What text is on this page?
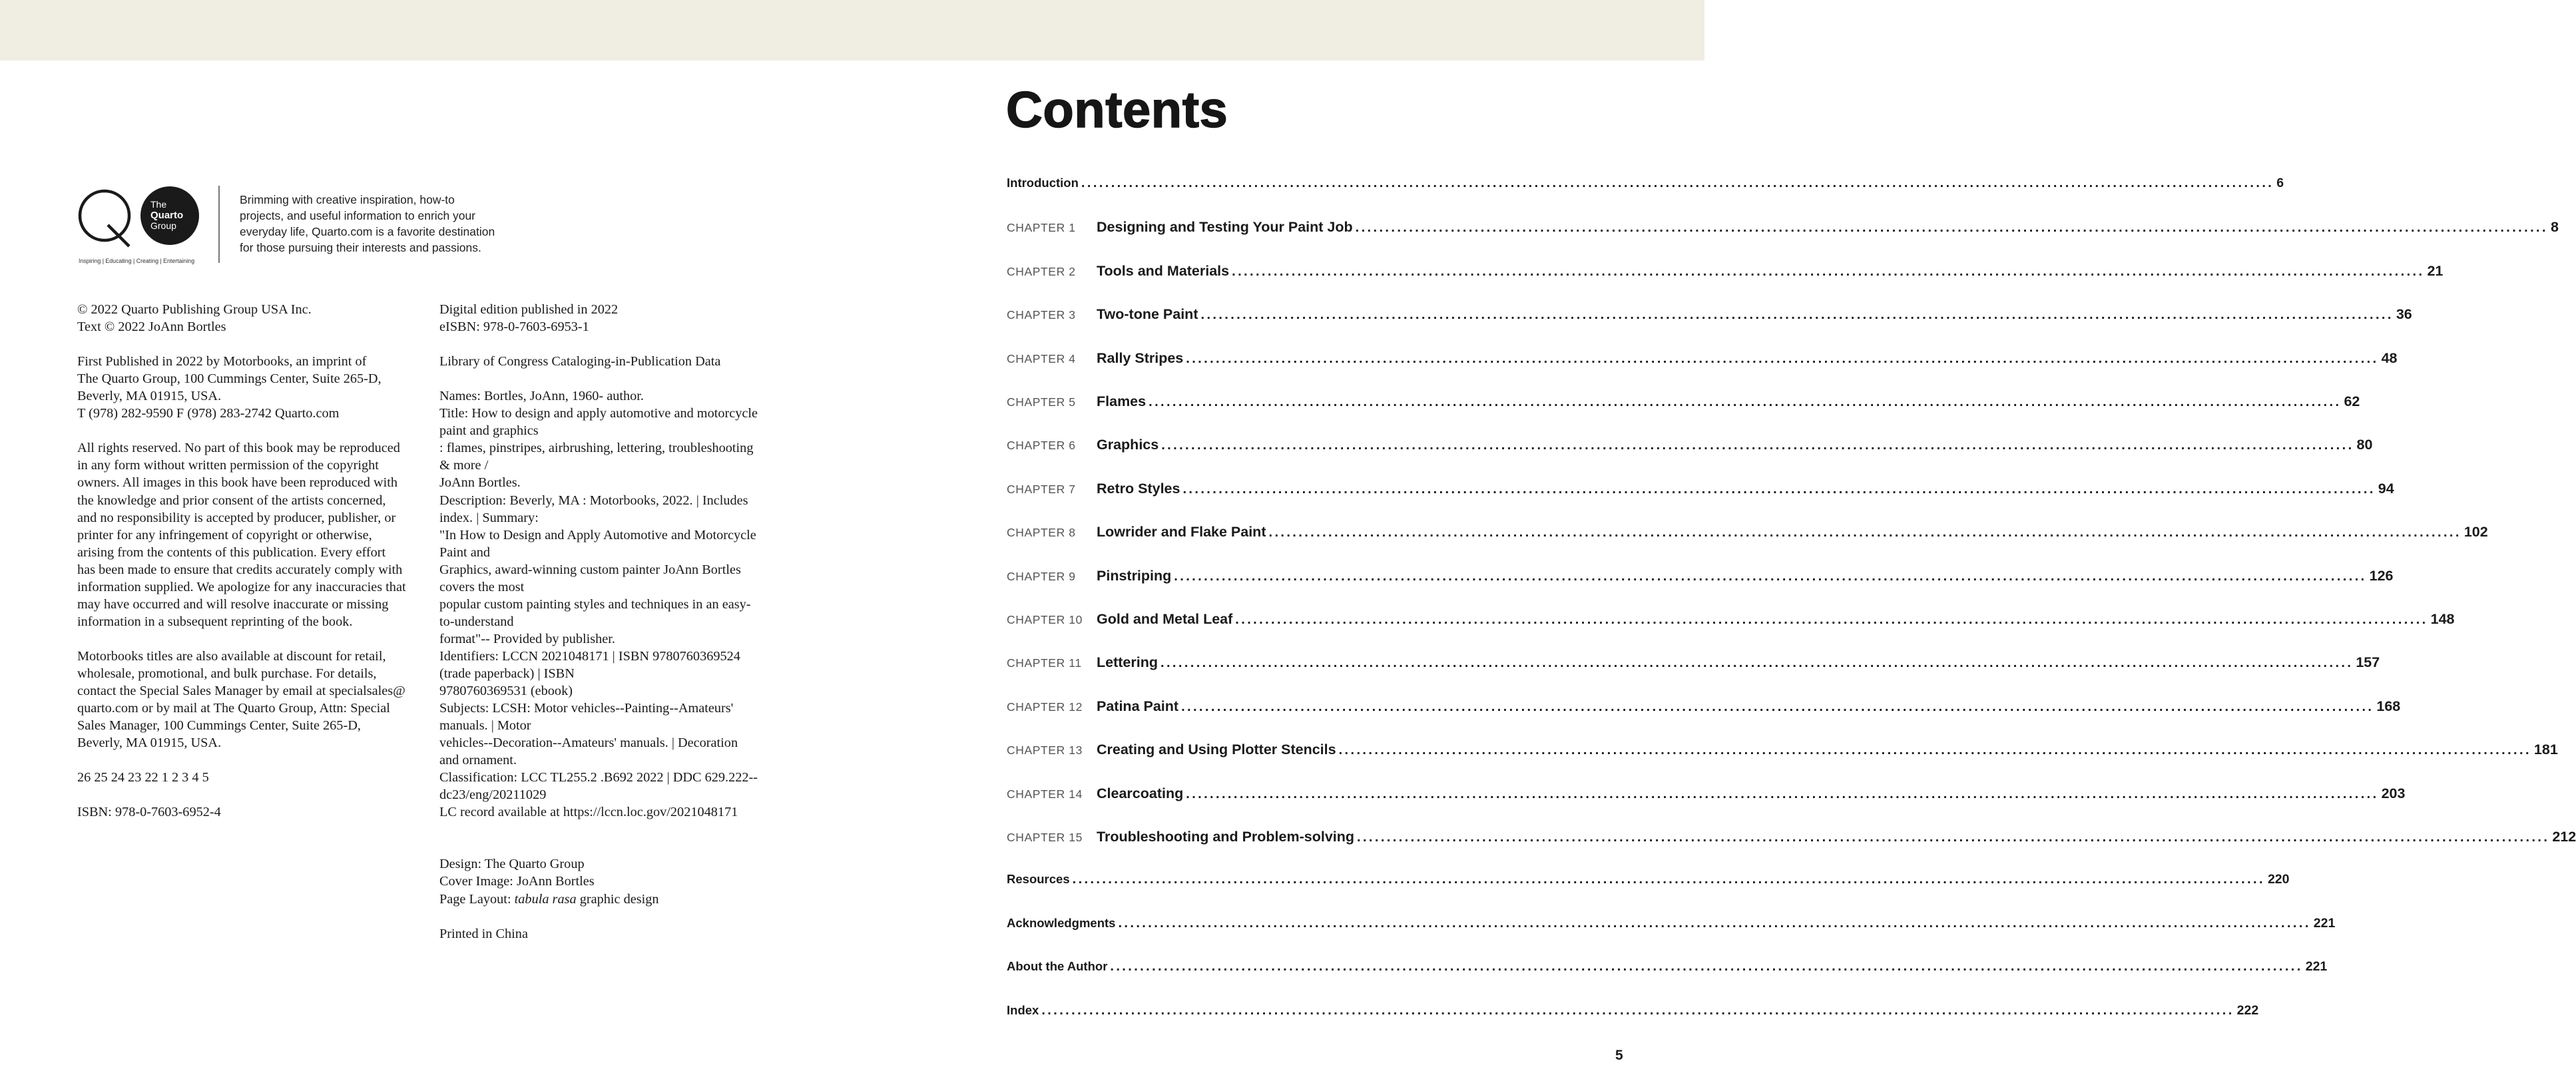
The
Quarto
Group
Inspiring | Educating | Creating | Entertaining
Brimming with creative inspiration, how-to
projects, and useful information to enrich your
everyday life, Quarto.com is a favorite destination
for those pursuing their interests and passions.
© 2022 Quarto Publishing Group USA Inc.
Text © 2022 JoAnn Bortles
First Published in 2022 by Motorbooks, an imprint of
The Quarto Group, 100 Cummings Center, Suite 265-D,
Beverly, MA 01915, USA.
T (978) 282-9590 F (978) 283-2742 Quarto.com
All rights reserved. No part of this book may be reproduced
in any form without written permission of the copyright
owners. All images in this book have been reproduced with
the knowledge and prior consent of the artists concerned,
and no responsibility is accepted by producer, publisher, or
printer for any infringement of copyright or otherwise,
arising from the contents of this publication. Every effort
has been made to ensure that credits accurately comply with
information supplied. We apologize for any inaccuracies that
may have occurred and will resolve inaccurate or missing
information in a subsequent reprinting of the book.
Motorbooks titles are also available at discount for retail,
wholesale, promotional, and bulk purchase. For details,
contact the Special Sales Manager by email at specialsales@
quarto.com or by mail at The Quarto Group, Attn: Special
Sales Manager, 100 Cummings Center, Suite 265-D,
Beverly, MA 01915, USA.
26 25 24 23 22 1 2 3 4 5
ISBN: 978-0-7603-6952-4
Digital edition published in 2022
eISBN: 978-0-7603-6953-1
Library of Congress Cataloging-in-Publication Data
Names: Bortles, JoAnn, 1960- author.
Title: How to design and apply automotive and motorcycle
paint and graphics
: flames, pinstripes, airbrushing, lettering, troubleshooting
& more /
JoAnn Bortles.
Description: Beverly, MA : Motorbooks, 2022. | Includes
index. | Summary:
"In How to Design and Apply Automotive and Motorcycle
Paint and
Graphics, award-winning custom painter JoAnn Bortles
covers the most
popular custom painting styles and techniques in an easy-
to-understand
format"-- Provided by publisher.
Identifiers: LCCN 2021048171 | ISBN 9780760369524
(trade paperback) | ISBN
9780760369531 (ebook)
Subjects: LCSH: Motor vehicles--Painting--Amateurs'
manuals. | Motor
vehicles--Decoration--Amateurs' manuals. | Decoration
and ornament.
Classification: LCC TL255.2 .B692 2022 | DDC 629.222--
dc23/eng/20211029
LC record available at https://lccn.loc.gov/2021048171
Design: The Quarto Group
Cover Image: JoAnn Bortles
Page Layout: tabula rasa graphic design
Printed in China
Contents
Introduction ........................................................................................................................................................................................................ 6
CHAPTER 1	Designing and Testing Your Paint Job ........................................................................................................................................................................................................ 8
CHAPTER 2	Tools and Materials ........................................................................................................................................................................................................ 21
CHAPTER 3	Two-tone Paint ........................................................................................................................................................................................................ 36
CHAPTER 4	Rally Stripes ........................................................................................................................................................................................................ 48
CHAPTER 5	Flames ........................................................................................................................................................................................................ 62
CHAPTER 6	Graphics ........................................................................................................................................................................................................ 80
CHAPTER 7	Retro Styles ........................................................................................................................................................................................................ 94
CHAPTER 8	Lowrider and Flake Paint ........................................................................................................................................................................................................ 102
CHAPTER 9	Pinstriping ........................................................................................................................................................................................................ 126
CHAPTER 10 Gold and Metal Leaf ........................................................................................................................................................................................................ 148
CHAPTER 11	Lettering ........................................................................................................................................................................................................ 157
CHAPTER 12 Patina Paint ........................................................................................................................................................................................................ 168
CHAPTER 13 Creating and Using Plotter Stencils ........................................................................................................................................................................................................ 181
CHAPTER 14 Clearcoating ........................................................................................................................................................................................................ 203
CHAPTER 15 Troubleshooting and Problem-solving ........................................................................................................................................................................................................ 212
Resources ........................................................................................................................................................................................................ 220
Acknowledgments ........................................................................................................................................................................................................ 221
About the Author ........................................................................................................................................................................................................ 221
Index ........................................................................................................................................................................................................ 222
5
